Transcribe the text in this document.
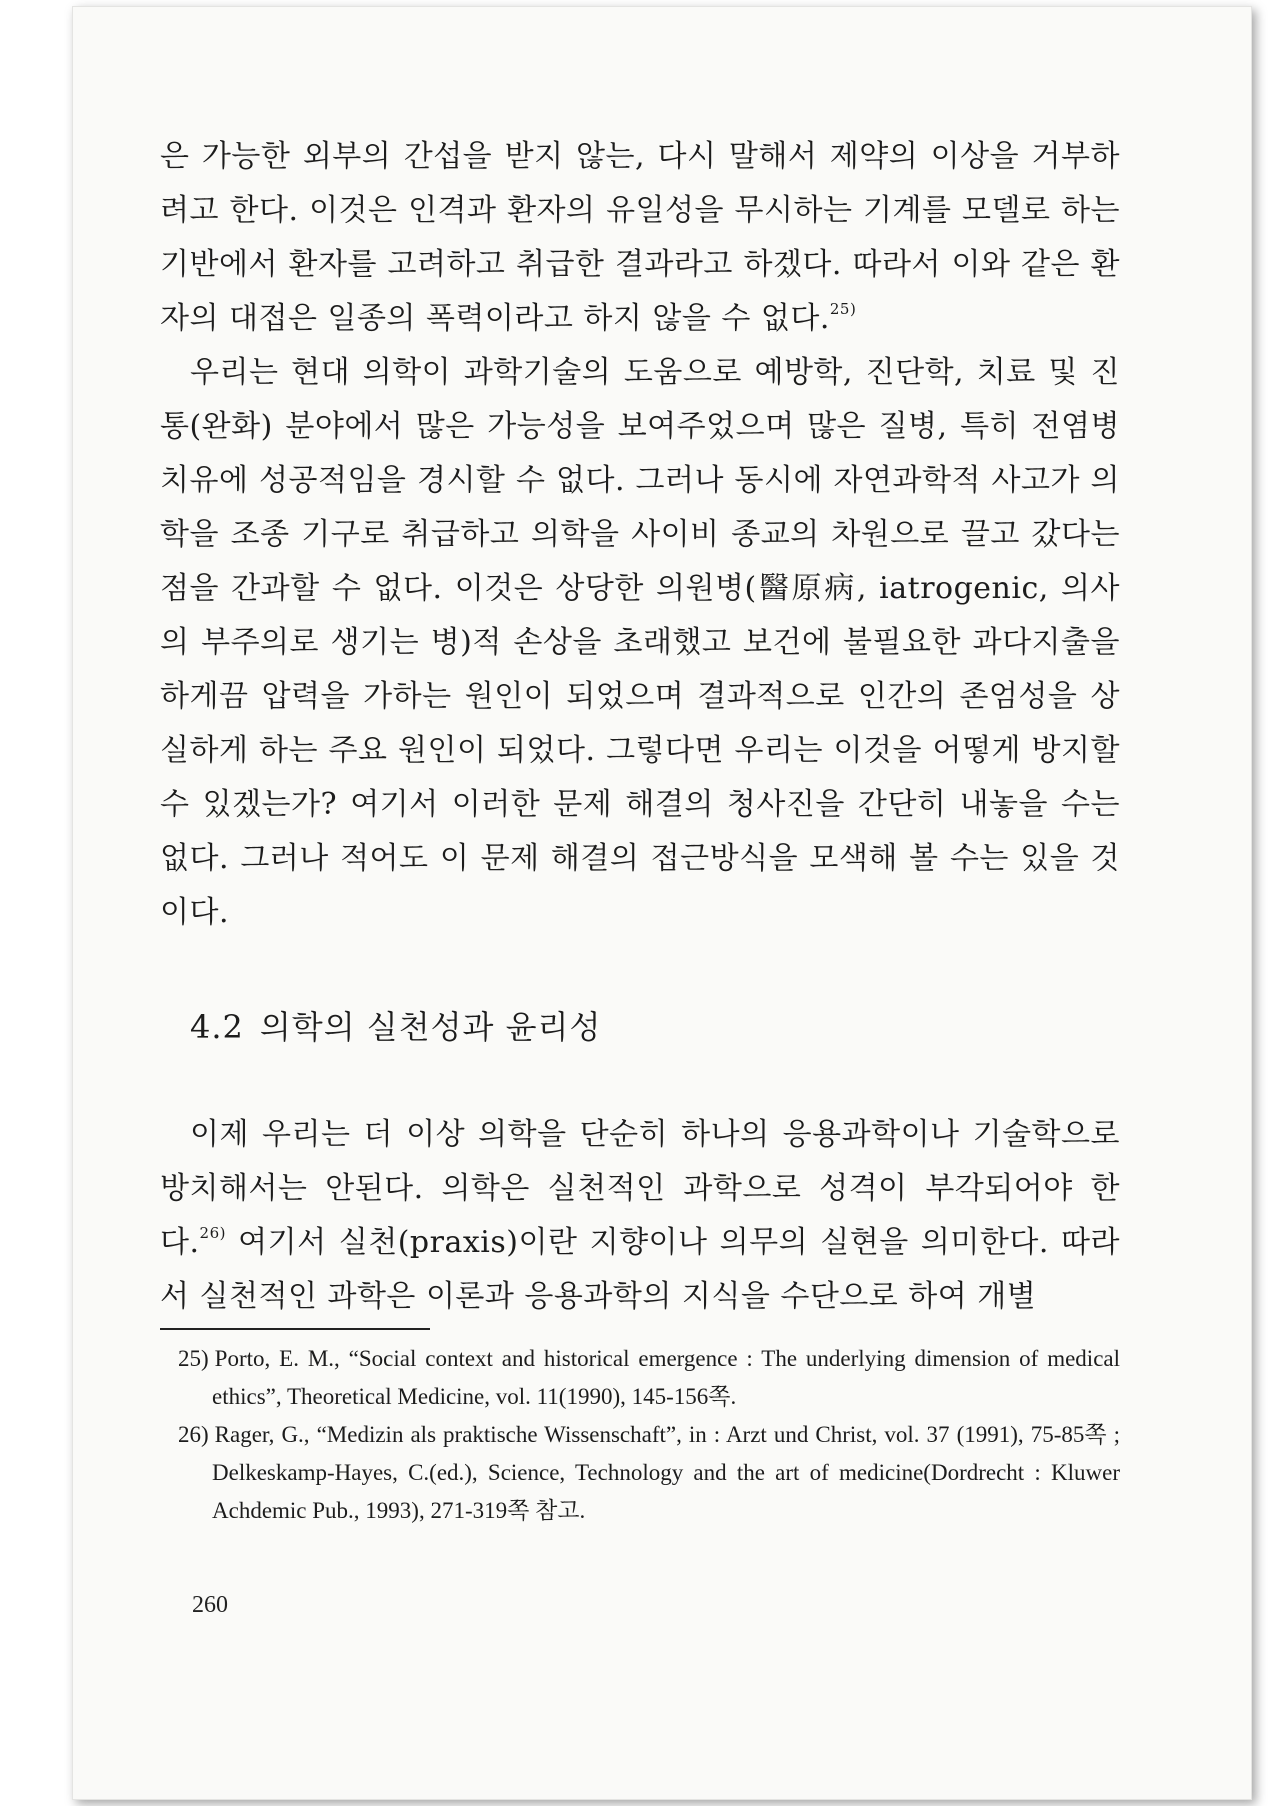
은 가능한 외부의 간섭을 받지 않는, 다시 말해서 제약의 이상을 거부하려고 한다. 이것은 인격과 환자의 유일성을 무시하는 기계를 모델로 하는 기반에서 환자를 고려하고 취급한 결과라고 하겠다. 따라서 이와 같은 환자의 대접은 일종의 폭력이라고 하지 않을 수 없다.$^{25)}$

우리는 현대 의학이 과학기술의 도움으로 예방학, 진단학, 치료 및 진통(완화) 분야에서 많은 가능성을 보여주었으며 많은 질병, 특히 전염병 치유에 성공적임을 경시할 수 없다. 그러나 동시에 자연과학적 사고가 의학을 조종 기구로 취급하고 의학을 사이비 종교의 차원으로 끌고 갔다는 점을 간과할 수 없다. 이것은 상당한 의원병(醫原病, iatrogenic, 의사의 부주의로 생기는 병)적 손상을 초래했고 보건에 불필요한 과다지출을 하게끔 압력을 가하는 원인이 되었으며 결과적으로 인간의 존엄성을 상실하게 하는 주요 원인이 되었다. 그렇다면 우리는 이것을 어떻게 방지할 수 있겠는가? 여기서 이러한 문제 해결의 청사진을 간단히 내놓을 수는 없다. 그러나 적어도 이 문제 해결의 접근방식을 모색해 볼 수는 있을 것이다.

4.2 의학의 실천성과 윤리성

이제 우리는 더 이상 의학을 단순히 하나의 응용과학이나 기술학으로 방치해서는 안된다. 의학은 실천적인 과학으로 성격이 부각되어야 한다.$^{26)}$ 여기서 실천(praxis)이란 지향이나 의무의 실현을 의미한다. 따라서 실천적인 과학은 이론과 응용과학의 지식을 수단으로 하여 개별

25) Porto, E. M., “Social context and historical emergence : The underlying dimension of medical ethics”, Theoretical Medicine, vol. 11(1990), 145-156쪽.

26) Rager, G., “Medizin als praktische Wissenschaft”, in : Arzt und Christ, vol. 37 (1991), 75-85쪽 ; Delkeskamp-Hayes, C.(ed.), Science, Technology and the art of medicine(Dordrecht : Kluwer Achdemic Pub., 1993), 271-319쪽 참고.

260
